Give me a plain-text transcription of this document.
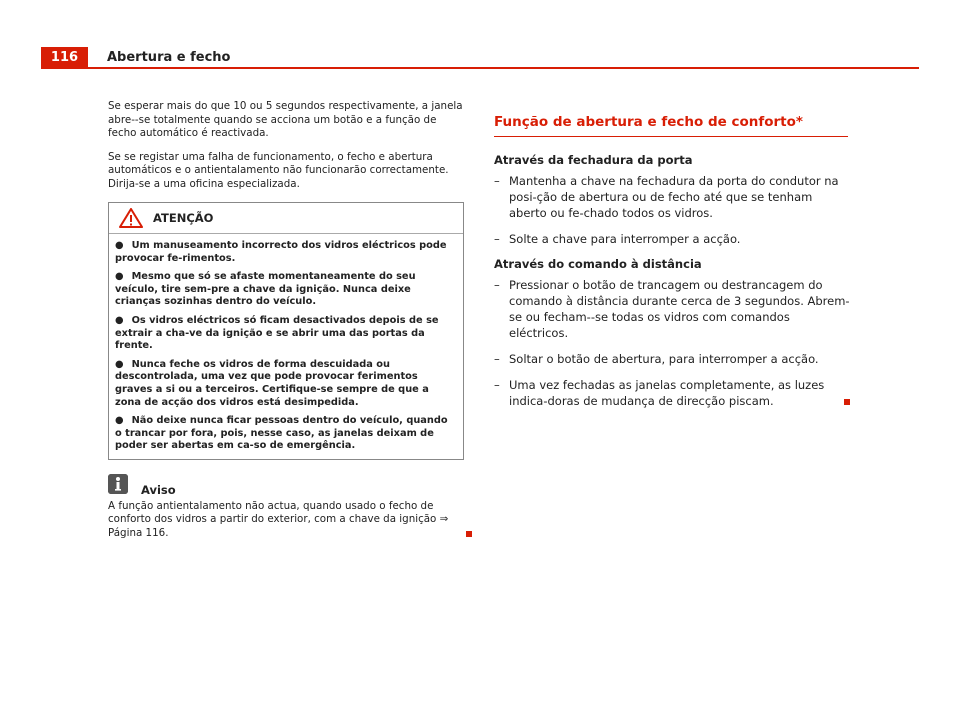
116	Abertura e fecho

Se esperar mais do que 10 ou 5 segundos respectivamente, a janela abre--se totalmente quando se acciona um botão e a função de fecho automático é reactivada.

Se se registar uma falha de funcionamento, o fecho e abertura automáticos e o antientalamento não funcionarão correctamente. Dirija-se a uma oficina especializada.

ATENÇÃO

● Um manuseamento incorrecto dos vidros eléctricos pode provocar fe-rimentos.

● Mesmo que só se afaste momentaneamente do seu veículo, tire sem-pre a chave da ignição. Nunca deixe crianças sozinhas dentro do veículo.

● Os vidros eléctricos só ficam desactivados depois de se extrair a cha-ve da ignição e se abrir uma das portas da frente.

● Nunca feche os vidros de forma descuidada ou descontrolada, uma vez que pode provocar ferimentos graves a si ou a terceiros. Certifique-se sempre de que a zona de acção dos vidros está desimpedida.

● Não deixe nunca ficar pessoas dentro do veículo, quando o trancar por fora, pois, nesse caso, as janelas deixam de poder ser abertas em ca-so de emergência.

Aviso
A função antientalamento não actua, quando usado o fecho de conforto dos vidros a partir do exterior, com a chave da ignição ⇒ Página 116.
Função de abertura e fecho de conforto*
Através da fechadura da porta
– Mantenha a chave na fechadura da porta do condutor na posi-ção de abertura ou de fecho até que se tenham aberto ou fe-chado todos os vidros.
– Solte a chave para interromper a acção.
Através do comando à distância
– Pressionar o botão de trancagem ou destrancagem do comando à distância durante cerca de 3 segundos. Abrem-se ou fecham--se todas os vidros com comandos eléctricos.
– Soltar o botão de abertura, para interromper a acção.
– Uma vez fechadas as janelas completamente, as luzes indica-doras de mudança de direcção piscam.
